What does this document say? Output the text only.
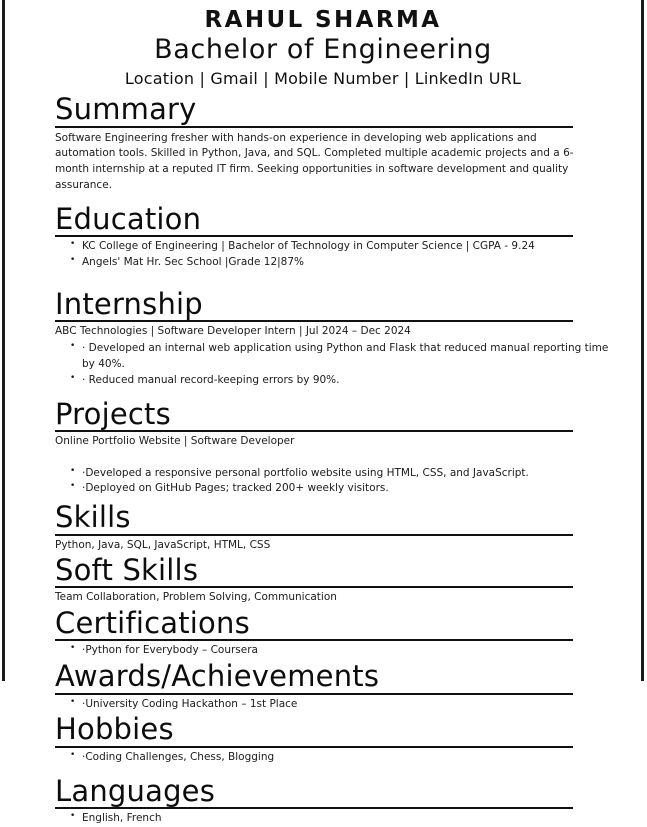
RAHUL SHARMA
Bachelor of Engineering
Location | Gmail | Mobile Number | LinkedIn URL
Summary
Software Engineering fresher with hands-on experience in developing web applications and automation tools. Skilled in Python, Java, and SQL. Completed multiple academic projects and a 6-month internship at a reputed IT firm. Seeking opportunities in software development and quality assurance.
Education
• KC College of Engineering | Bachelor of Technology in Computer Science | CGPA - 9.24
• Angels' Mat Hr. Sec School |Grade 12|87%
Internship
ABC Technologies | Software Developer Intern | Jul 2024 – Dec 2024
• · Developed an internal web application using Python and Flask that reduced manual reporting time by 40%.
• · Reduced manual record-keeping errors by 90%.
Projects
Online Portfolio Website | Software Developer
• ·Developed a responsive personal portfolio website using HTML, CSS, and JavaScript.
• ·Deployed on GitHub Pages; tracked 200+ weekly visitors.
Skills
Python, Java, SQL, JavaScript, HTML, CSS
Soft Skills
Team Collaboration, Problem Solving, Communication
Certifications
• ·Python for Everybody – Coursera
Awards/Achievements
• ·University Coding Hackathon – 1st Place
Hobbies
• ·Coding Challenges, Chess, Blogging
Languages
• English, French
